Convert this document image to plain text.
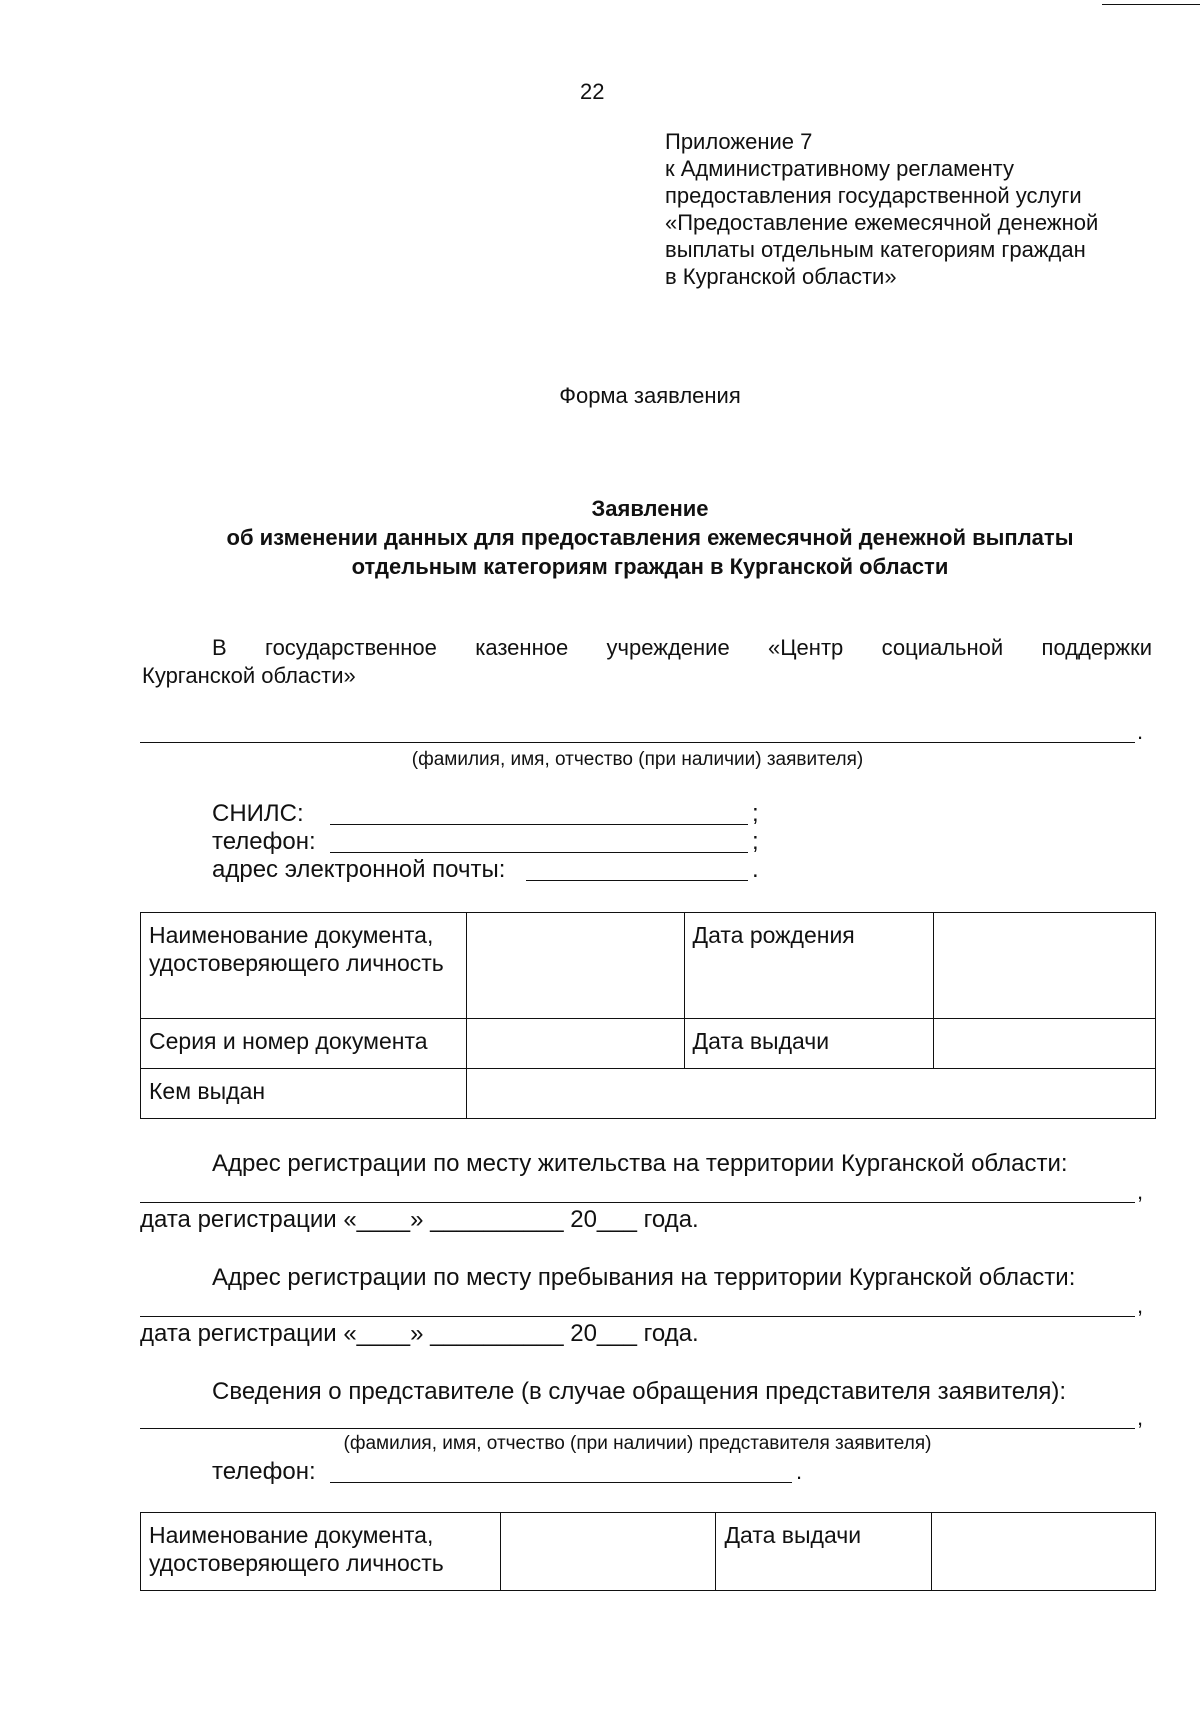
22
Приложение 7
к Административному регламенту
предоставления государственной услуги
«Предоставление ежемесячной денежной
выплаты отдельным категориям граждан
в Курганской области»
Форма заявления
Заявление
об изменении данных для предоставления ежемесячной денежной выплаты
отдельным категориям граждан в Курганской области
В государственное казенное учреждение «Центр социальной поддержки
Курганской области»
.
(фамилия, имя, отчество (при наличии) заявителя)
СНИЛС:	;
телефон:	;
адрес электронной почты:	.
Наименование документа, удостоверяющего личность		Дата рождения	
Серия и номер документа		Дата выдачи	
Кем выдан			
Адрес регистрации по месту жительства на территории Курганской области:
,
дата регистрации «____» __________ 20___ года.
Адрес регистрации по месту пребывания на территории Курганской области:
,
дата регистрации «____» __________ 20___ года.
Сведения о представителе (в случае обращения представителя заявителя):
,
(фамилия, имя, отчество (при наличии) представителя заявителя)
телефон:	.
Наименование документа, удостоверяющего личность		Дата выдачи	
